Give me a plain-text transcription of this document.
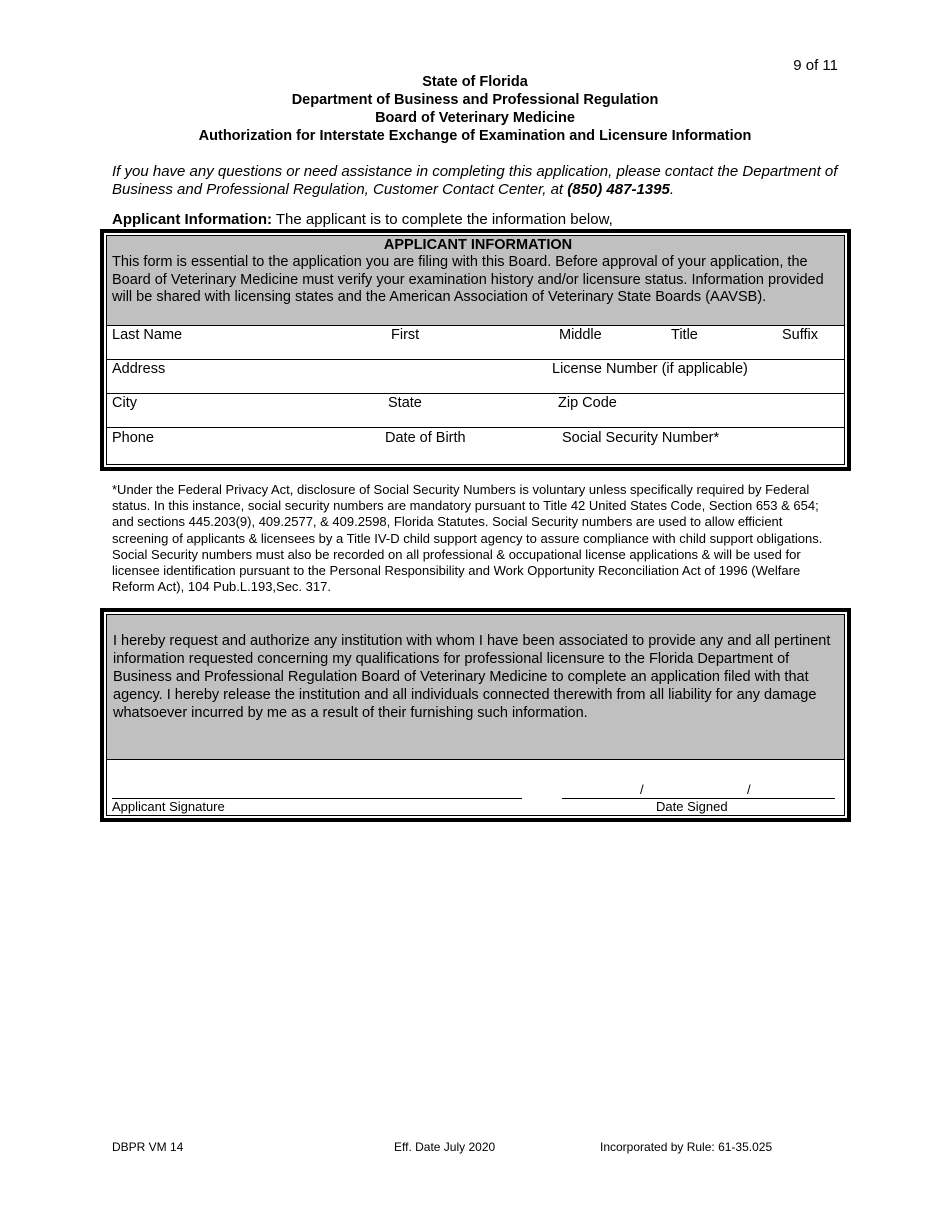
9 of 11
State of Florida
Department of Business and Professional Regulation
Board of Veterinary Medicine
Authorization for Interstate Exchange of Examination and Licensure Information
If you have any questions or need assistance in completing this application, please contact the Department of Business and Professional Regulation, Customer Contact Center, at (850) 487-1395.
Applicant Information: The applicant is to complete the information below,
APPLICANT INFORMATION
This form is essential to the application you are filing with this Board. Before approval of your application, the Board of Veterinary Medicine must verify your examination history and/or licensure status. Information provided will be shared with licensing states and the American Association of Veterinary State Boards (AAVSB).
Last Name	First	Middle	Title	Suffix
Address	License Number (if applicable)
City	State	Zip Code
Phone	Date of Birth	Social Security Number*
*Under the Federal Privacy Act, disclosure of Social Security Numbers is voluntary unless specifically required by Federal status. In this instance, social security numbers are mandatory pursuant to Title 42 United States Code, Section 653 & 654; and sections 445.203(9), 409.2577, & 409.2598, Florida Statutes. Social Security numbers are used to allow efficient screening of applicants & licensees by a Title IV-D child support agency to assure compliance with child support obligations. Social Security numbers must also be recorded on all professional & occupational license applications & will be used for licensee identification pursuant to the Personal Responsibility and Work Opportunity Reconciliation Act of 1996 (Welfare Reform Act), 104 Pub.L.193,Sec. 317.
I hereby request and authorize any institution with whom I have been associated to provide any and all pertinent information requested concerning my qualifications for professional licensure to the Florida Department of Business and Professional Regulation Board of Veterinary Medicine to complete an application filed with that agency. I hereby release the institution and all individuals connected therewith from all liability for any damage whatsoever incurred by me as a result of their furnishing such information.
Applicant Signature
/	/
Date Signed
DBPR VM 14	Eff. Date July 2020	Incorporated by Rule: 61-35.025
